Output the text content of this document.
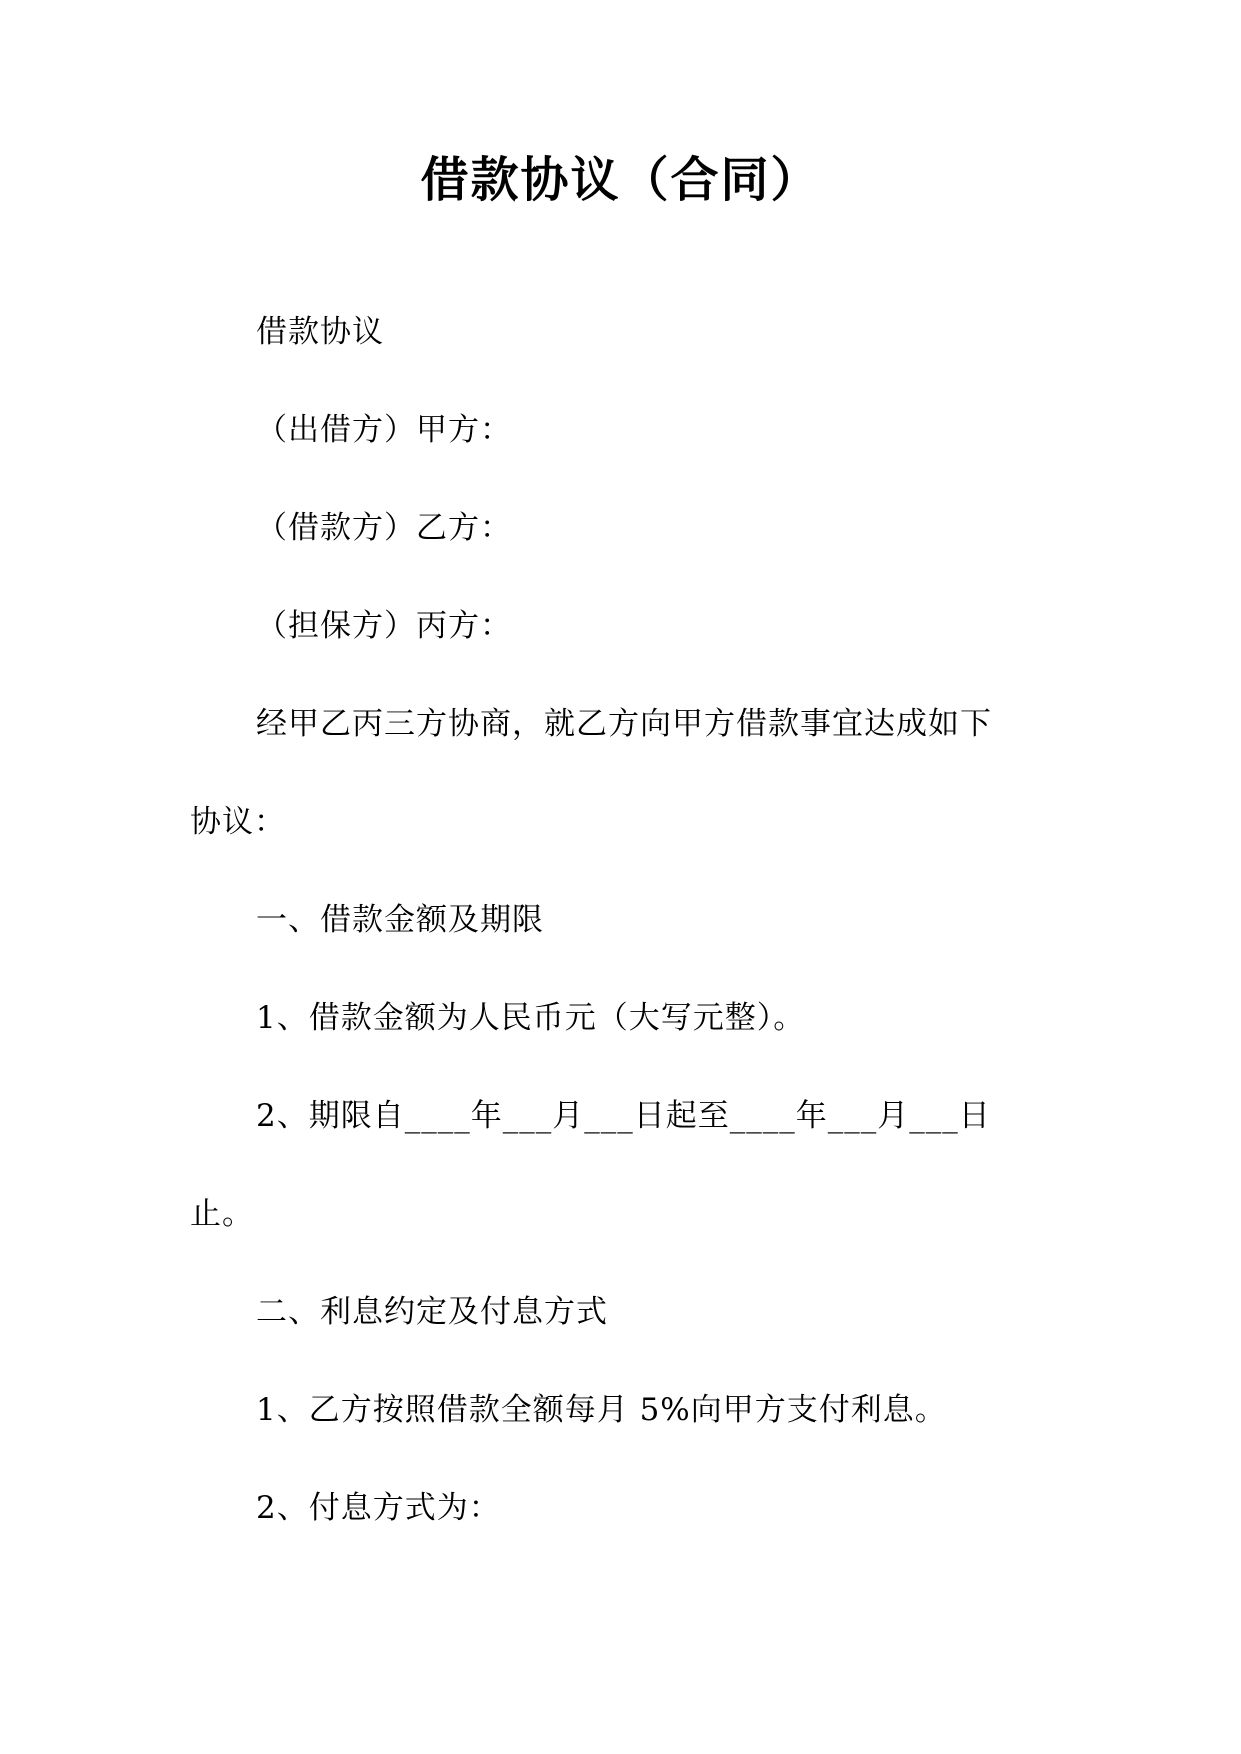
借款协议（合同）
借款协议
（出借方）甲方：
（借款方）乙方：
（担保方）丙方：
经甲乙丙三方协商，就乙方向甲方借款事宜达成如下
协议：
一、借款金额及期限
1、借款金额为人民币元（大写元整）。
2、期限自____年___月___日起至____年___月___日
止。
二、利息约定及付息方式
1、乙方按照借款全额每月 5%向甲方支付利息。
2、付息方式为：
